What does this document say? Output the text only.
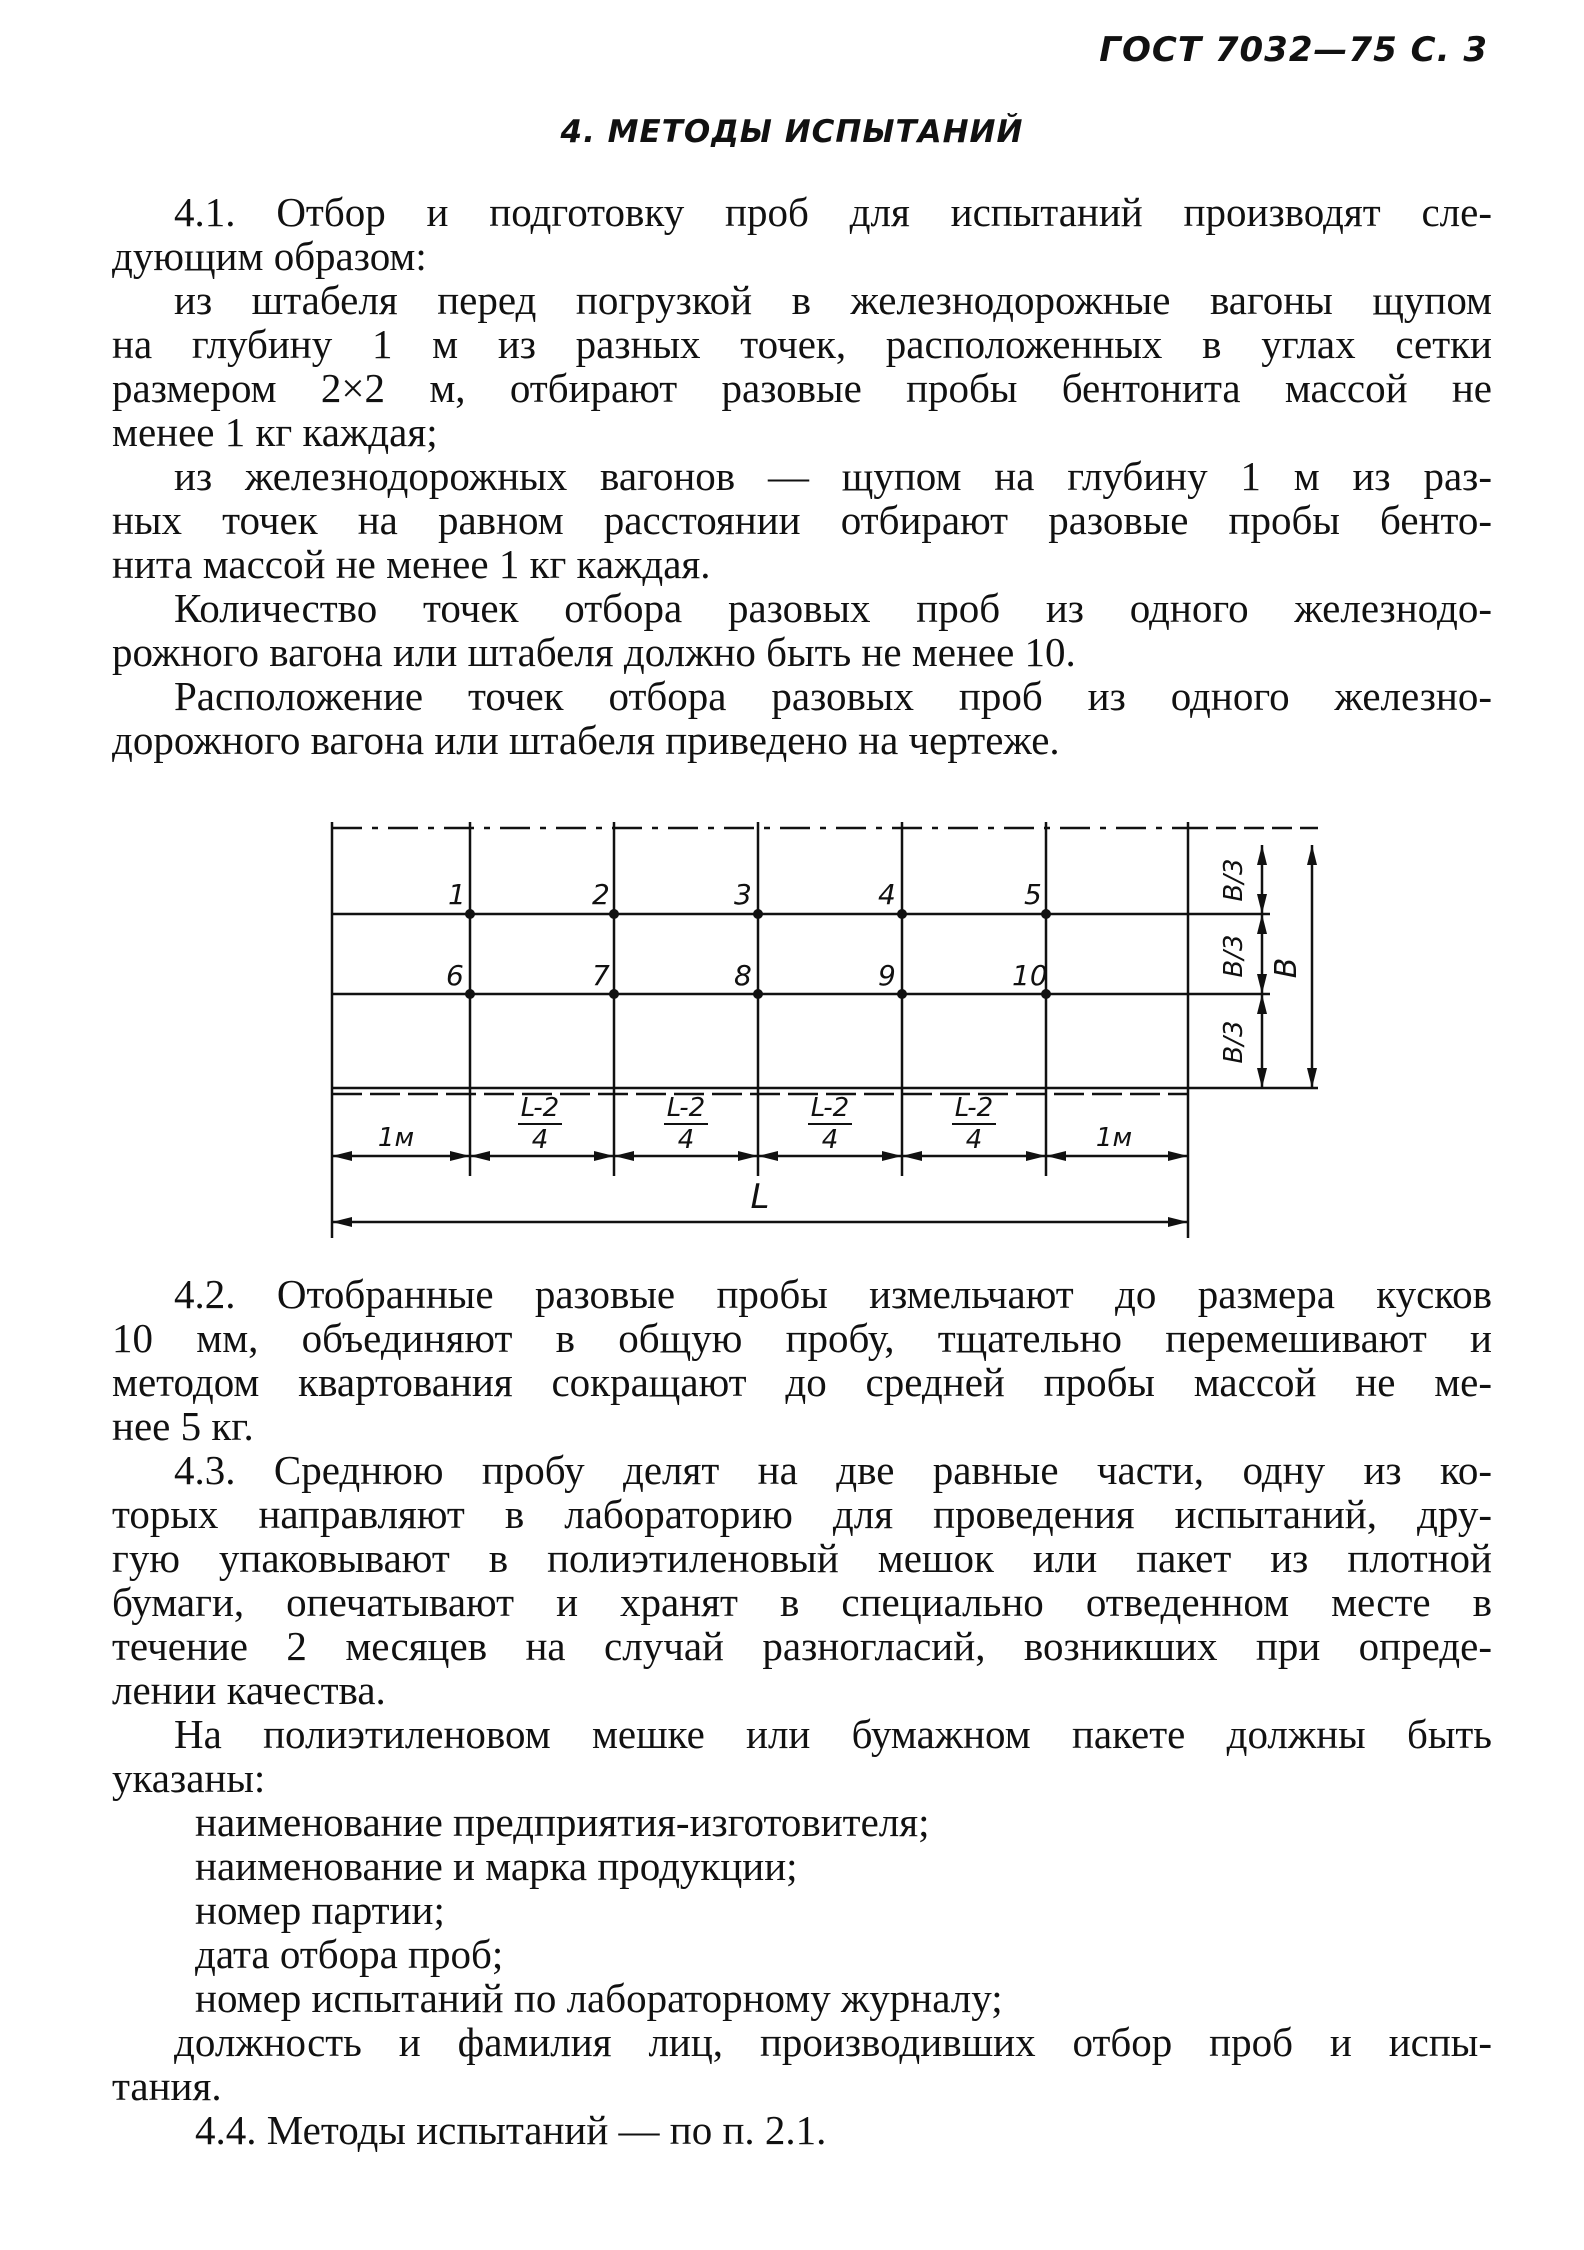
ГОСТ 7032—75 С. 3
4. МЕТОДЫ ИСПЫТАНИЙ
4.1. Отбор и подготовку проб для испытаний производят сле-
дующим образом:
из штабеля перед погрузкой в железнодорожные вагоны щупом
на глубину 1 м из разных точек, расположенных в углах сетки
размером 2×2 м, отбирают разовые пробы бентонита массой не
менее 1 кг каждая;
из железнодорожных вагонов — щупом на глубину 1 м из раз-
ных точек на равном расстоянии отбирают разовые пробы бенто-
нита массой не менее 1 кг каждая.
Количество точек отбора разовых проб из одного железнодо-
рожного вагона или штабеля должно быть не менее 10.
Расположение точек отбора разовых проб из одного железно-
дорожного вагона или штабеля приведено на чертеже.
1	2	3	4	5
6	7	8	9	10
1м	1м
L-2
4
L-2
4
L-2
4
L-2
4
L
B/3
B/3
B/3
B
4.2. Отобранные разовые пробы измельчают до размера кусков
10 мм, объединяют в общую пробу, тщательно перемешивают и
методом квартования сокращают до средней пробы массой не ме-
нее 5 кг.
4.3. Среднюю пробу делят на две равные части, одну из ко-
торых направляют в лабораторию для проведения испытаний, дру-
гую упаковывают в полиэтиленовый мешок или пакет из плотной
бумаги, опечатывают и хранят в специально отведенном месте в
течение 2 месяцев на случай разногласий, возникших при опреде-
лении качества.
На полиэтиленовом мешке или бумажном пакете должны быть
указаны:
наименование предприятия-изготовителя;
наименование и марка продукции;
номер партии;
дата отбора проб;
номер испытаний по лабораторному журналу;
должность и фамилия лиц, производивших отбор проб и испы-
тания.
4.4. Методы испытаний — по п. 2.1.
